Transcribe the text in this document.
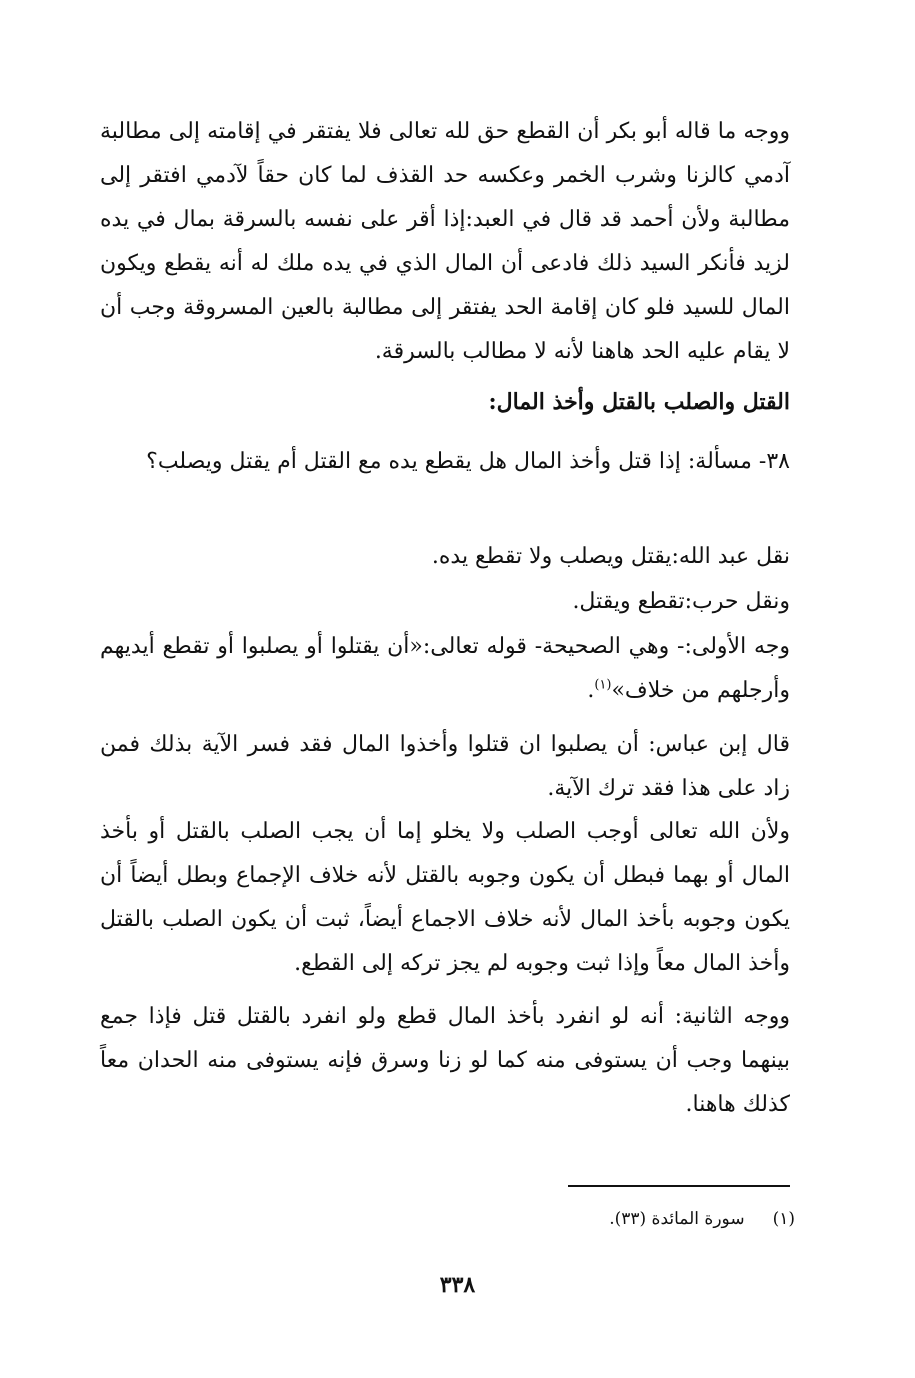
ووجه ما قاله أبو بكر أن القطع حق لله تعالى فلا يفتقر في إقامته إلى مطالبة آدمي كالزنا وشرب الخمر وعكسه حد القذف لما كان حقاً لآدمي افتقر إلى مطالبة ولأن أحمد قد قال في العبد:إذا أقر على نفسه بالسرقة بمال في يده لزيد فأنكر السيد ذلك فادعى أن المال الذي في يده ملك له أنه يقطع ويكون المال للسيد فلو كان إقامة الحد يفتقر إلى مطالبة بالعين المسروقة وجب أن لا يقام عليه الحد هاهنا لأنه لا مطالب بالسرقة.
القتل والصلب بالقتل وأخذ المال:
٣٨- مسألة: إذا قتل وأخذ المال هل يقطع يده مع القتل أم يقتل ويصلب؟
نقل عبد الله:يقتل ويصلب ولا تقطع يده.
ونقل حرب:تقطع ويقتل.
وجه الأولى:- وهي الصحيحة- قوله تعالى:«أن يقتلوا أو يصلبوا أو تقطع أيديهم وأرجلهم من خلاف»$^{(١)}$.
قال إبن عباس: أن يصلبوا ان قتلوا وأخذوا المال فقد فسر الآية بذلك فمن زاد على هذا فقد ترك الآية.
ولأن الله تعالى أوجب الصلب ولا يخلو إما أن يجب الصلب بالقتل أو بأخذ المال أو بهما فبطل أن يكون وجوبه بالقتل لأنه خلاف الإجماع وبطل أيضاً أن يكون وجوبه بأخذ المال لأنه خلاف الاجماع أيضاً، ثبت أن يكون الصلب بالقتل وأخذ المال معاً وإذا ثبت وجوبه لم يجز تركه إلى القطع.
ووجه الثانية: أنه لو انفرد بأخذ المال قطع ولو انفرد بالقتل قتل فإذا جمع بينهما وجب أن يستوفى منه كما لو زنا وسرق فإنه يستوفى منه الحدان معاً كذلك هاهنا.
(١)سورة المائدة (٣٣).
٣٣٨
